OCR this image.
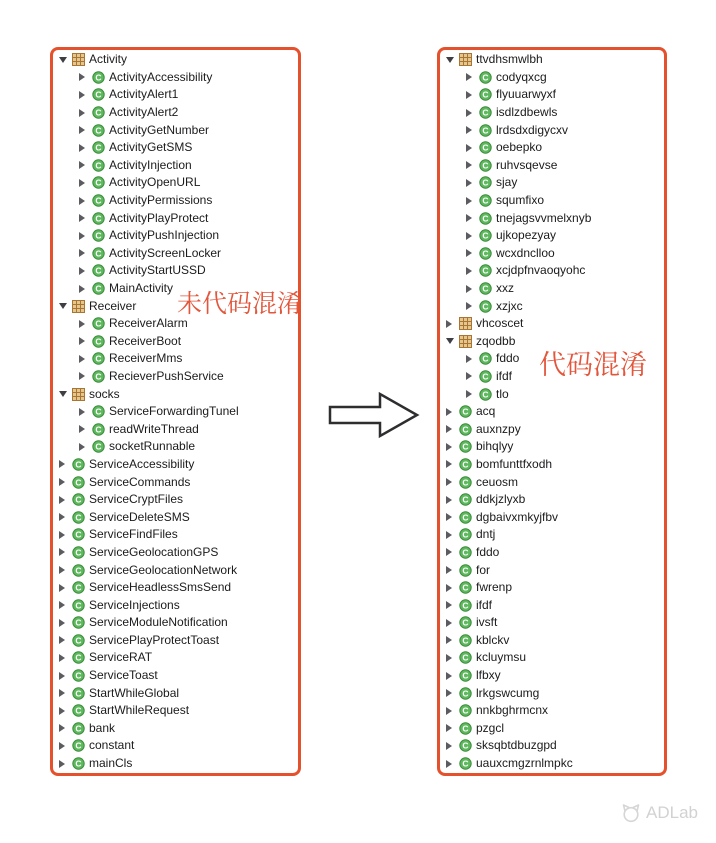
Activity
C ActivityAccessibility
C ActivityAlert1
C ActivityAlert2
C ActivityGetNumber
C ActivityGetSMS
C ActivityInjection
C ActivityOpenURL
C ActivityPermissions
C ActivityPlayProtect
C ActivityPushInjection
C ActivityScreenLocker
C ActivityStartUSSD
C MainActivity
Receiver
C ReceiverAlarm
C ReceiverBoot
C ReceiverMms
C RecieverPushService
socks
C ServiceForwardingTunel
C readWriteThread
C socketRunnable
C ServiceAccessibility
C ServiceCommands
C ServiceCryptFiles
C ServiceDeleteSMS
C ServiceFindFiles
C ServiceGeolocationGPS
C ServiceGeolocationNetwork
C ServiceHeadlessSmsSend
C ServiceInjections
C ServiceModuleNotification
C ServicePlayProtectToast
C ServiceRAT
C ServiceToast
C StartWhileGlobal
C StartWhileRequest
C bank
C constant
C mainCls
ttvdhsmwlbh
C codyqxcg
C flyuuarwyxf
C isdlzdbewls
C lrdsdxdigycxv
C oebepko
C ruhvsqevse
C sjay
C squmfixo
C tnejagsvvmelxnyb
C ujkopezyay
C wcxdnclloo
C xcjdpfnvaoqyohc
C xxz
C xzjxc
vhcoscet
zqodbb
C fddo
C ifdf
C tlo
C acq
C auxnzpy
C bihqlyy
C bomfunttfxodh
C ceuosm
C ddkjzlyxb
C dgbaivxmkyjfbv
C dntj
C fddo
C for
C fwrenp
C ifdf
C ivsft
C kblckv
C kcluymsu
C lfbxy
C lrkgswcumg
C nnkbghrmcnx
C pzgcl
C sksqbtdbuzgpd
C uauxcmgzrnlmpkc
未代码混淆
代码混淆
ADLab
